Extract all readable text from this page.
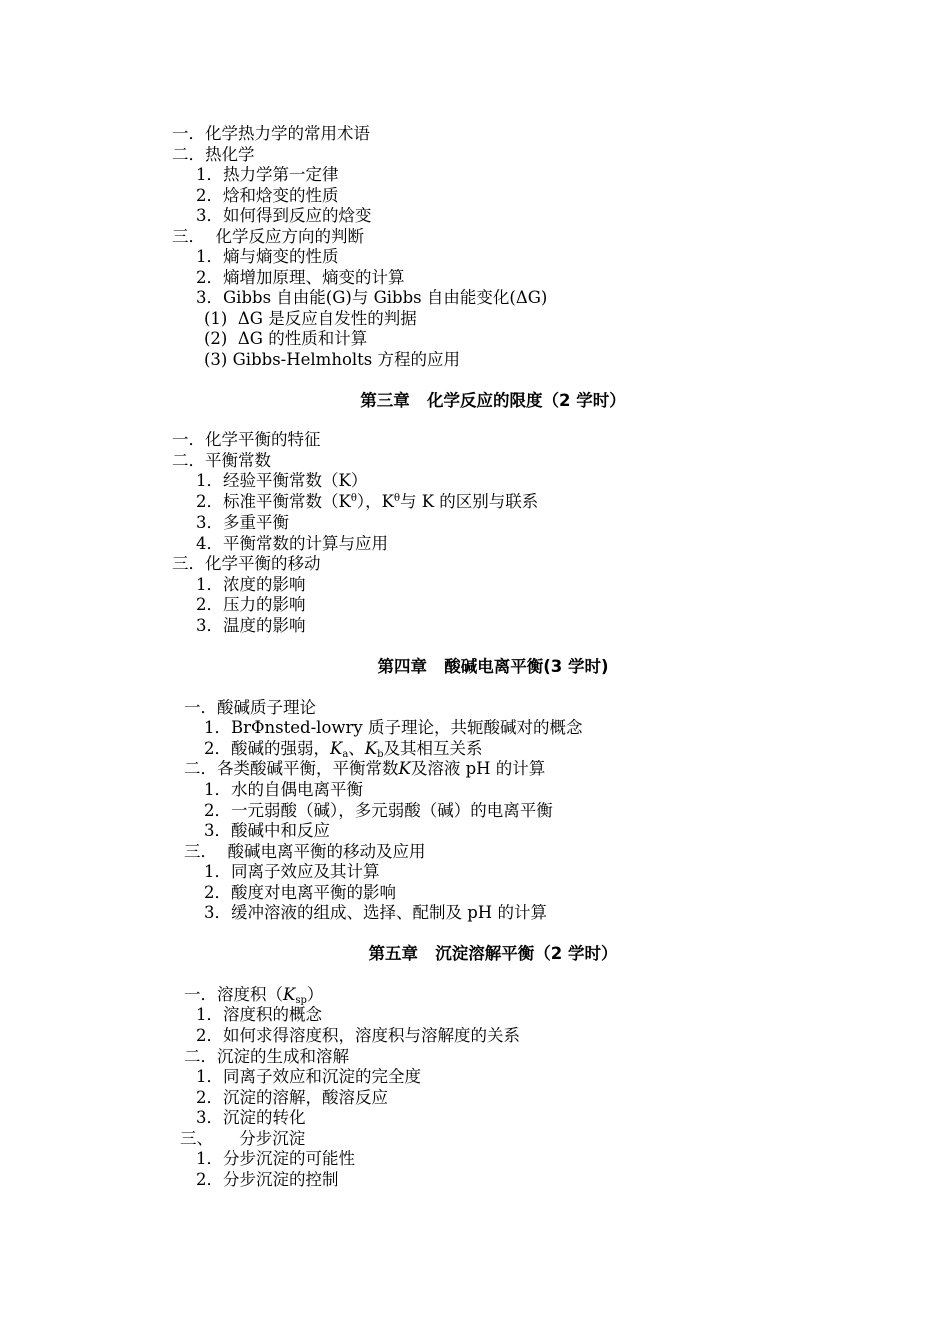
一．化学热力学的常用术语
二．热化学
1．热力学第一定律
2．焓和焓变的性质
3．如何得到反应的焓变
三．  化学反应方向的判断
1．熵与熵变的性质
2．熵增加原理、熵变的计算
3．Gibbs 自由能(G)与 Gibbs 自由能变化(ΔG)
(1)  ΔG 是反应自发性的判据
(2)  ΔG 的性质和计算
(3) Gibbs-Helmholts 方程的应用
第三章   化学反应的限度（2 学时）
一．化学平衡的特征
二．平衡常数
1．经验平衡常数（K）
2．标准平衡常数$(K^\theta)$，$K^\theta$与 K 的区别与联系
3．多重平衡
4．平衡常数的计算与应用
三．化学平衡的移动
1．浓度的影响
2．压力的影响
3．温度的影响
第四章   酸碱电离平衡(3 学时)
一．酸碱质子理论
1．BrΦnsted-lowry 质子理论，共轭酸碱对的概念
2．酸碱的强弱，$K_a$、$K_b$及其相互关系
二．各类酸碱平衡，平衡常数K及溶液 pH 的计算
1．水的自偶电离平衡
2．一元弱酸（碱），多元弱酸（碱）的电离平衡
3．酸碱中和反应
三．  酸碱电离平衡的移动及应用
1．同离子效应及其计算
2．酸度对电离平衡的影响
3．缓冲溶液的组成、选择、配制及 pH 的计算
第五章   沉淀溶解平衡（2 学时）
一．溶度积$(K_{sp})$
1．溶度积的概念
2．如何求得溶度积，溶度积与溶解度的关系
二．沉淀的生成和溶解
1．同离子效应和沉淀的完全度
2．沉淀的溶解，酸溶反应
3．沉淀的转化
三、     分步沉淀
1．分步沉淀的可能性
2．分步沉淀的控制
